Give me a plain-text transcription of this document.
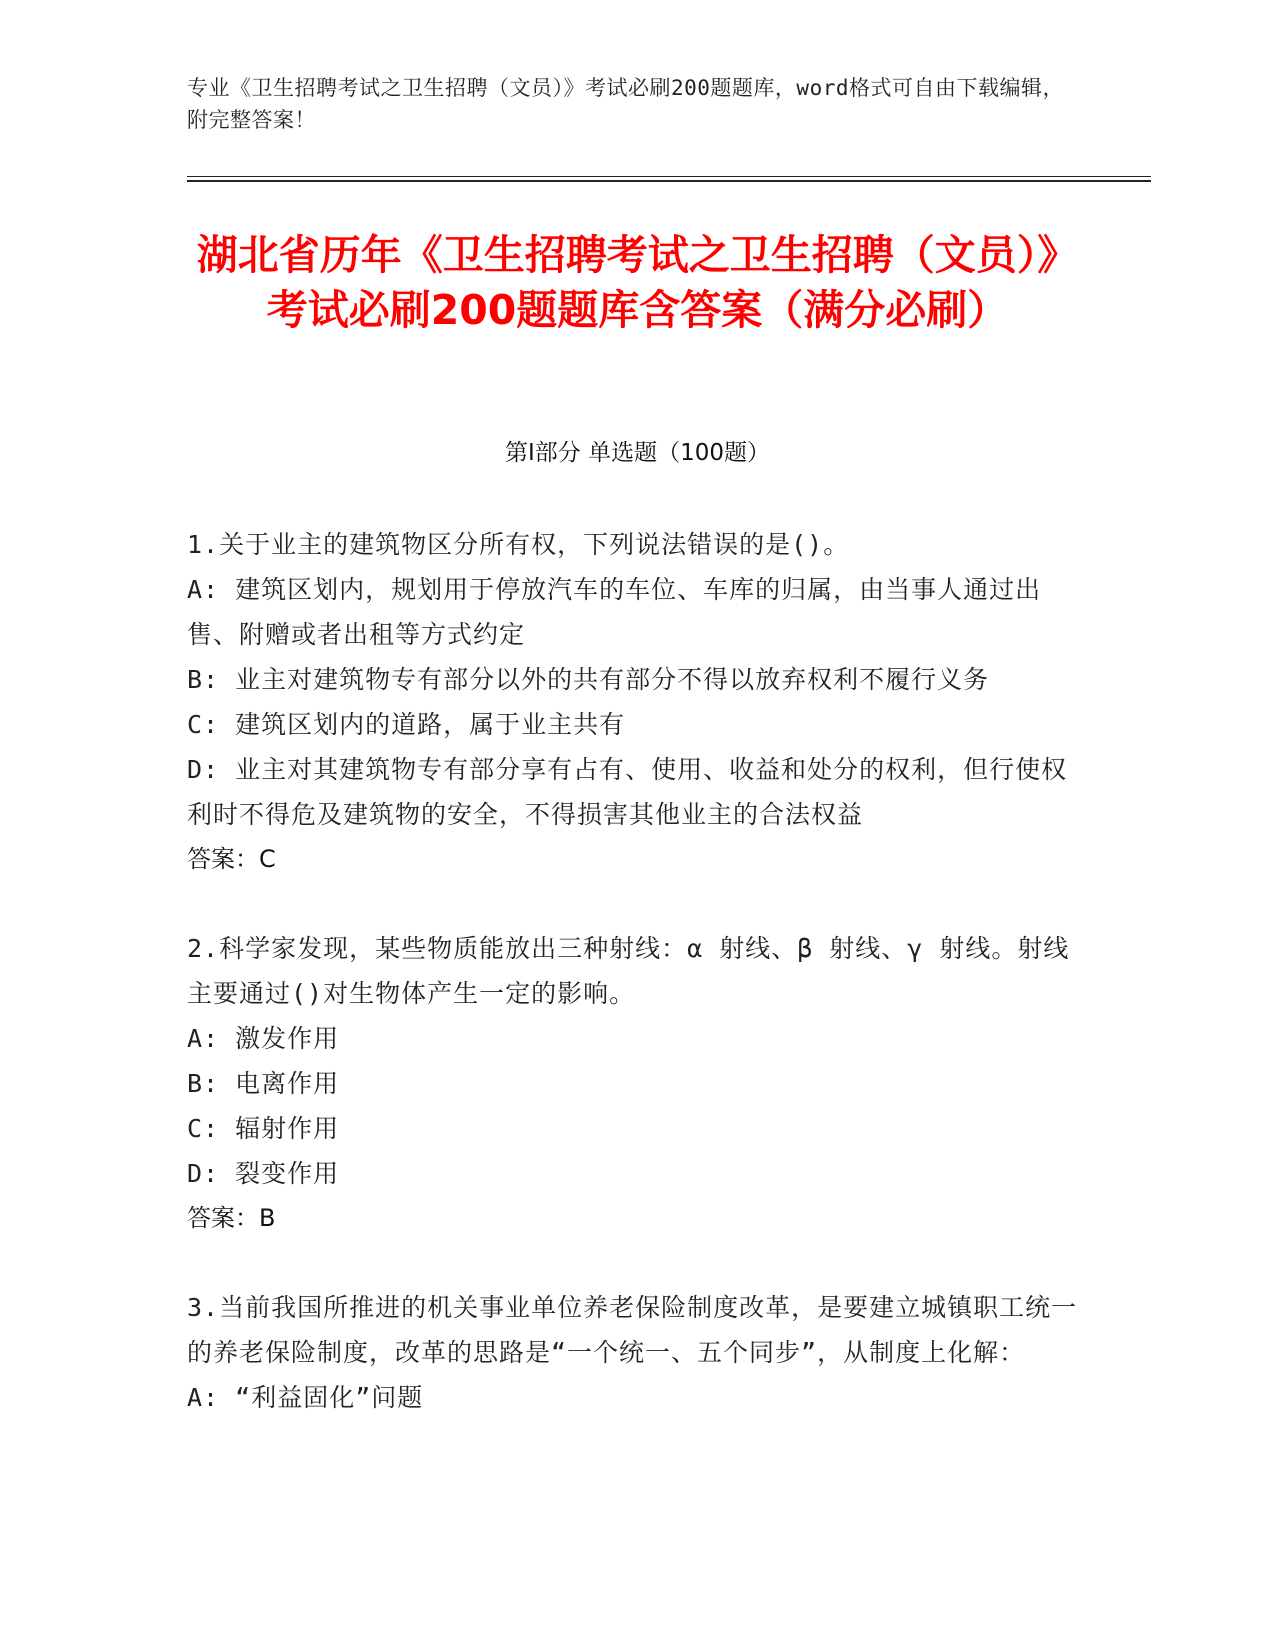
专业《卫生招聘考试之卫生招聘（文员）》考试必刷200题题库，word格式可自由下载编辑，附完整答案！
湖北省历年《卫生招聘考试之卫生招聘（文员）》考试必刷200题题库含答案（满分必刷）
第Ⅰ部分 单选题（100题）

1.关于业主的建筑物区分所有权，下列说法错误的是()。

A: 建筑区划内，规划用于停放汽车的车位、车库的归属，由当事人通过出售、附赠或者出租等方式约定

B: 业主对建筑物专有部分以外的共有部分不得以放弃权利不履行义务

C: 建筑区划内的道路，属于业主共有

D: 业主对其建筑物专有部分享有占有、使用、收益和处分的权利，但行使权利时不得危及建筑物的安全，不得损害其他业主的合法权益

答案：C

2.科学家发现，某些物质能放出三种射线：α 射线、β 射线、γ 射线。射线主要通过()对生物体产生一定的影响。

A: 激发作用

B: 电离作用

C: 辐射作用

D: 裂变作用

答案：B

3.当前我国所推进的机关事业单位养老保险制度改革，是要建立城镇职工统一的养老保险制度，改革的思路是“一个统一、五个同步”，从制度上化解：

A: “利益固化”问题
